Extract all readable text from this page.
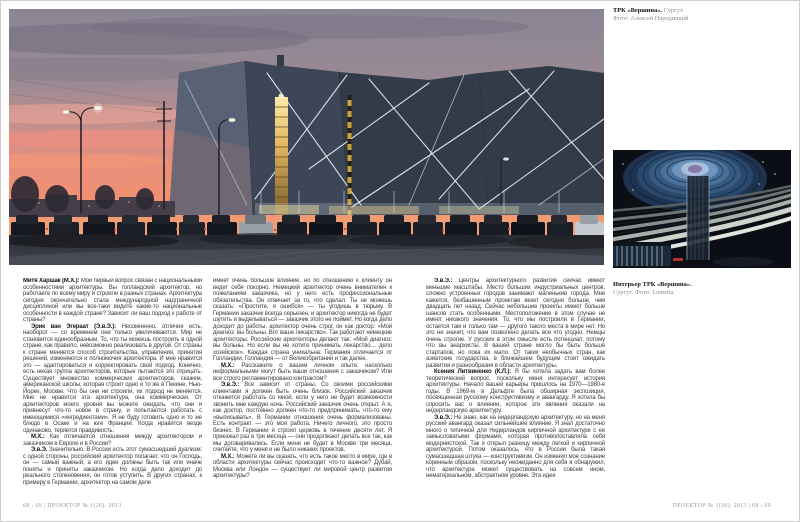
ТРК «Вершина». Сургут.
Фото: Алексей Народицкий
Интерьер ТРК «Вершина».
Сургут. Фото: Lometta

Митя Харшак (М.Х.): Мой первый вопрос связан с национальными особенностями архитектуры. Вы голландский архитектор, но работаете по всему миру и строили в разных странах. Архитектура сегодня окончательно стала международной надграничной дисциплиной или вы все-таки видите какие-то национальные особенности в каждой стране? Зависит ли ваш подход к работе от страны?

Эрик ван Эгераат (Э.в.Э.): Несомненно, отличия есть, наоборот — со временем они только увеличиваются. Мир не становится единообразным. То, что ты можешь построить в одной стране, как правило, невозможно реализовать в другой. От страны к стране меняется способ строительства, управления, принятия решений, изменяются и полномочия архитектора. И мне нравится это — адаптироваться и корректировать свой подход. Конечно, есть некая группа архитекторов, которые пытаются это отрицать. Существует множество коммерческих архитекторов, скажем, американской школы, которая строит одно и то же в Пекине, Нью-Йорке, Москве. Что бы они ни строили, их подход не меняется. Мне не нравится эта архитектура, она коммерческая. От архитекторов моего уровня вы можете ожидать, что они и привнесут что-то новое в страну, и попытаются работать с имеющимися «ингредиентами». Я не буду готовить одно и то же блюдо в Осаке и на юге Франции. Когда нравится везде одинаково, теряется правдивость.

М.Х.: Как отличаются отношения между архитектором и заказчиком в Европе и в России?

Э.в.Э. Значительно. В России есть этот сумасшедший дуализм: с одной стороны, российский архитектор полагает, что он Господь, он — самый важный, а его идеи должны быть так или иначе поняты и приняты заказчиком. Но когда дело доходит до реального столкновения, он готов уступить. В других странах, к примеру в Германии, архитектор на самом деле

имеет очень большое влияние, но по отношению к клиенту он ведет себя покорно. Немецкий архитектор очень внимателен к пожеланиям заказчика, но у него есть профессиональные обязательства. Он отвечает за то, что сделал. Ты не можешь сказать: «Простите, я ошибся» — ты угодишь в тюрьму. В Германии заказчик всегда серьезен, и архитектор никогда не будет шутить и выделываться — заказчик этого не поймет. Но когда дело доходит до работы, архитектор очень строг, он как доктор: «Мой диагноз: вы больны. Вот ваше лекарство». Так работают немецкие архитекторы. Российские архитекторы делают так: «Мой диагноз: вы больны. Но если вы не хотите принимать лекарство… дело хозяйское». Каждая страна уникальна: Германия отличается от Голландии, Голландия — от Великобритании и так далее.

М.Х.: Расскажите о вашем личном опыте: насколько неформальными могут быть ваши отношения с заказчиком? Или все строго регламентировано контрактом?

Э.в.Э.: Все зависит от страны. Со своими российскими клиентами я должен быть очень близок. Российский заказчик откажется работать со мной, если у него не будет возможности звонить мне каждую ночь. Российский заказчик очень открыт. А я, как доктор, постоянно должен что-то предпринимать, что-то ему «выписывать». В Германии отношения очень формализованы. Есть контракт — это моя работа. Ничего личного, это просто бизнес. В Германии я строил церковь в течение десяти лет. Я приезжал раз в три месяца — они продолжают делать все так, как мы договаривались. Если меня не будет в Москве три месяца, считайте, что у меня и не было никаких проектов.

М.Х.: Можете ли вы сказать, что есть такое место в мире, где в области архитектуры сейчас происходит что-то важное? Дубай, Москва или Лондон — существует ли мировой центр развития архитектуры?

Э.в.Э.: Центры архитектурного развития сейчас имеют меньшие масштабы. Место больших индустриальных центров, сложно устроенных городов занимают маленькие города. Мне кажется, безбашенным проектам везет сегодня больше, чем двадцать лет назад. Сейчас небольшие проекты имеют больше шансов стать особенными. Местоположение в этом случае не имеет никакого значения. То, что мы построили в Германии, остается там и только там — другого такого места в мире нет. Но это не значит, что вам позволено делать все что угодно. Немцы очень строгие. У русских в этом смысле есть потенциал, потому что вы анархисты. В вашей стране могло бы быть больше стартапов, но пока их мало. От таких необычных стран, как азиатские государства, в ближайшем будущем стоит ожидать развития и разнообразия в области архитектуры.

Ксения Литвиненко (К.Л.): Я бы хотела задать вам более теоретический вопрос, поскольку меня интересует история архитектуры. Начало вашей карьеры пришлось на 1970—1980-е годы. В 1969-м в Дельфте была обширная экспозиция, посвященная русскому конструктивизму и авангарду. Я хотела бы спросить вас о влиянии, которое эти явления оказали на нидерландскую архитектуру.

Э.в.Э.: Не знаю, как на нидерландскую архитектуру, но на меня русский авангард оказал сильнейшее влияние. Я знал достаточно много о типичной для Нидерландов кирпичной архитектуре с ее замысловатыми формами, которая противопоставляла себя модернистской. Так я открыл разницу между легкой и кирпичной архитектурой. Потом оказалось, что в России была такая сумасшедшая штука — конструктивизм. Он изменил мое сознание коренным образом, поскольку неожиданно для себя я обнаружил, что архитектура может существовать на совсем ином, нематериальном, абстрактном уровне. Эта идея

68 › 69 | ПРОЕКТОР № 1(26). 2013	ПРОЕКТОР № 1(26). 2013 | 68 › 69
